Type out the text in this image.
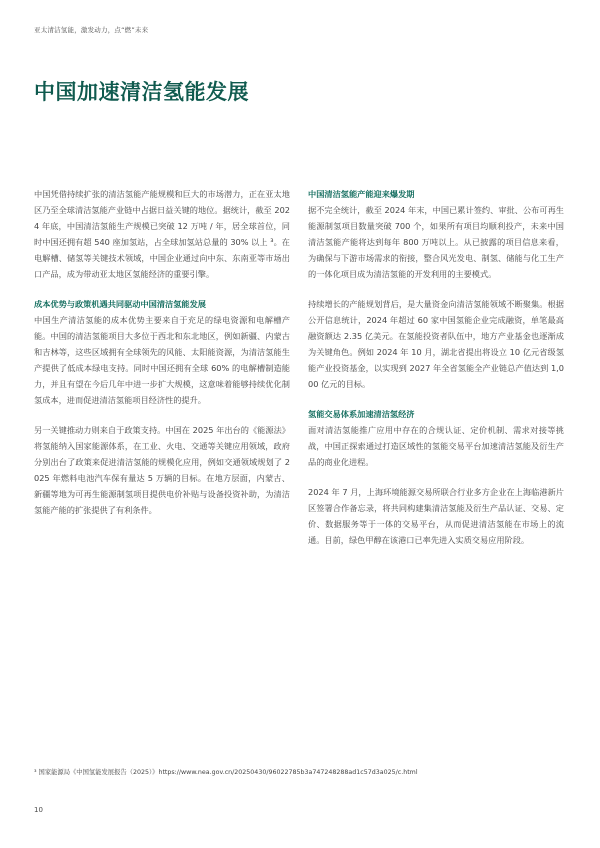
亚太清洁氢能，激发动力，点“燃”未来
中国加速清洁氢能发展

中国凭借持续扩张的清洁氢能产能规模和巨大的市场潜力，正在亚太地区乃至全球清洁氢能产业链中占据日益关键的地位。据统计，截至 2024 年底，中国清洁氢能生产规模已突破 12 万吨 / 年，居全球首位，同时中国还拥有超 540 座加氢站，占全球加氢站总量的 30% 以上 ³。在电解槽、储氢等关键技术领域，中国企业通过向中东、东南亚等市场出口产品，成为带动亚太地区氢能经济的重要引擎。

成本优势与政策机遇共同驱动中国清洁氢能发展

中国生产清洁氢能的成本优势主要来自于充足的绿电资源和电解槽产能。中国的清洁氢能项目大多位于西北和东北地区，例如新疆、内蒙古和吉林等，这些区域拥有全球领先的风能、太阳能资源，为清洁氢能生产提供了低成本绿电支持。同时中国还拥有全球 60% 的电解槽制造能力，并且有望在今后几年中进一步扩大规模，这意味着能够持续优化制氢成本，进而促进清洁氢能项目经济性的提升。

另一关键推动力则来自于政策支持。中国在 2025 年出台的《能源法》将氢能纳入国家能源体系，在工业、火电、交通等关键应用领域，政府分别出台了政策来促进清洁氢能的规模化应用，例如交通领域规划了 2025 年燃料电池汽车保有量达 5 万辆的目标。在地方层面，内蒙古、新疆等地为可再生能源制氢项目提供电价补贴与设备投资补助，为清洁氢能产能的扩张提供了有利条件。

中国清洁氢能产能迎来爆发期

据不完全统计，截至 2024 年末，中国已累计签约、审批、公布可再生能源制氢项目数量突破 700 个，如果所有项目均顺利投产，未来中国清洁氢能产能将达到每年 800 万吨以上。从已披露的项目信息来看，为确保与下游市场需求的衔接，整合风光发电、制氢、储能与化工生产的一体化项目成为清洁氢能的开发利用的主要模式。

持续增长的产能规划背后，是大量资金向清洁氢能领域不断聚集。根据公开信息统计，2024 年超过 60 家中国氢能企业完成融资，单笔最高融资额达 2.35 亿美元。在氢能投资者队伍中，地方产业基金也逐渐成为关键角色。例如 2024 年 10 月，湖北省提出将设立 10 亿元省级氢能产业投资基金，以实现到 2027 年全省氢能全产业链总产值达到 1,000 亿元的目标。

氢能交易体系加速清洁氢经济

面对清洁氢能推广应用中存在的合规认证、定价机制、需求对接等挑战，中国正探索通过打造区域性的氢能交易平台加速清洁氢能及衍生产品的商业化进程。

2024 年 7 月，上海环境能源交易所联合行业多方企业在上海临港新片区签署合作备忘录，将共同构建集清洁氢能及衍生产品认证、交易、定价、数据服务等于一体的交易平台，从而促进清洁氢能在市场上的流通。目前，绿色甲醇在该港口已率先进入实质交易应用阶段。

³ 国家能源局《中国氢能发展报告（2025）》https://www.nea.gov.cn/20250430/96022785b3a747248288ad1c57d3a025/c.html
10
